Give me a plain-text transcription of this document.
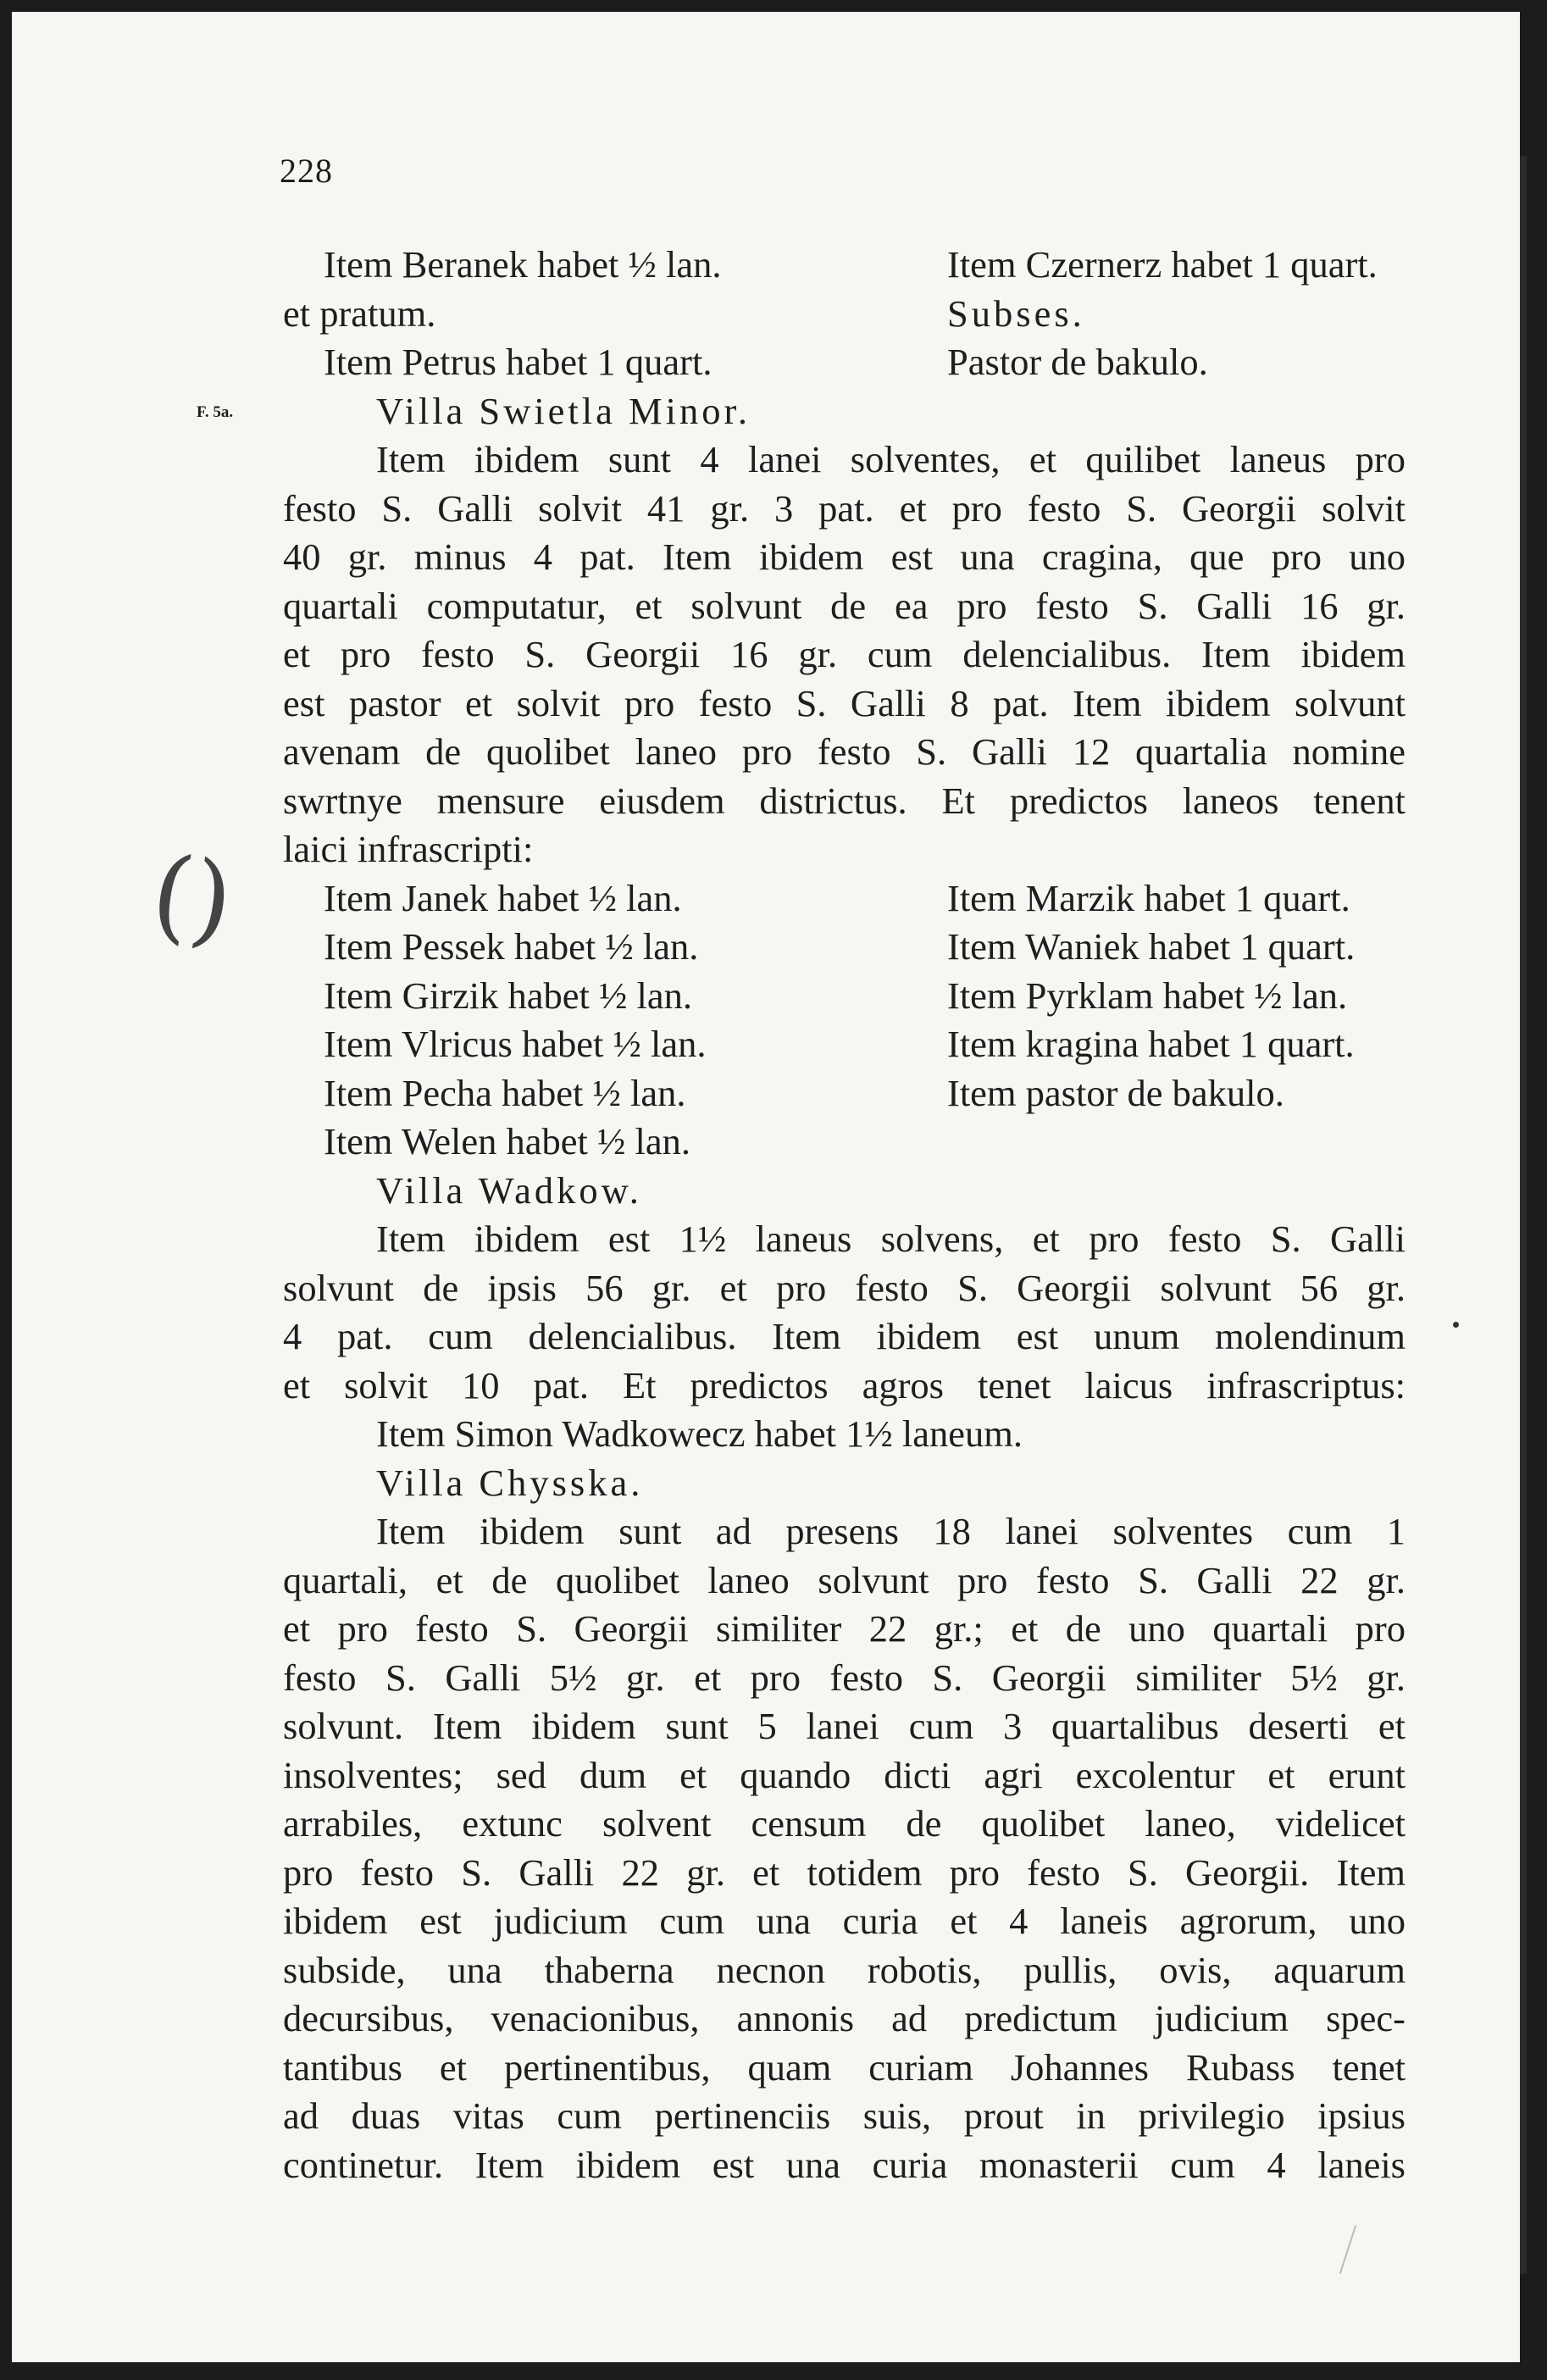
228
F. 5a.
()
Item Beranek habet ½ lan.	Item Czernerz habet 1 quart.
et pratum.	Subses.
Item Petrus habet 1 quart.	Pastor de bakulo.
Villa Swietla Minor.
Item ibidem sunt 4 lanei solventes, et quilibet laneus pro
festo S. Galli solvit 41 gr. 3 pat. et pro festo S. Georgii solvit
40 gr. minus 4 pat. Item ibidem est una cragina, que pro uno
quartali computatur, et solvunt de ea pro festo S. Galli 16 gr.
et pro festo S. Georgii 16 gr. cum delencialibus. Item ibidem
est pastor et solvit pro festo S. Galli 8 pat. Item ibidem solvunt
avenam de quolibet laneo pro festo S. Galli 12 quartalia nomine
swrtnye mensure eiusdem districtus. Et predictos laneos tenent
laici infrascripti:
Item Janek habet ½ lan.	Item Marzik habet 1 quart.
Item Pessek habet ½ lan.	Item Waniek habet 1 quart.
Item Girzik habet ½ lan.	Item Pyrklam habet ½ lan.
Item Vlricus habet ½ lan.	Item kragina habet 1 quart.
Item Pecha habet ½ lan.	Item pastor de bakulo.
Item Welen habet ½ lan.
Villa Wadkow.
Item ibidem est 1½ laneus solvens, et pro festo S. Galli
solvunt de ipsis 56 gr. et pro festo S. Georgii solvunt 56 gr.
4 pat. cum delencialibus. Item ibidem est unum molendinum
et solvit 10 pat. Et predictos agros tenet laicus infrascriptus:
Item Simon Wadkowecz habet 1½ laneum.
Villa Chysska.
Item ibidem sunt ad presens 18 lanei solventes cum 1
quartali, et de quolibet laneo solvunt pro festo S. Galli 22 gr.
et pro festo S. Georgii similiter 22 gr.; et de uno quartali pro
festo S. Galli 5½ gr. et pro festo S. Georgii similiter 5½ gr.
solvunt. Item ibidem sunt 5 lanei cum 3 quartalibus deserti et
insolventes; sed dum et quando dicti agri excolentur et erunt
arrabiles, extunc solvent censum de quolibet laneo, videlicet
pro festo S. Galli 22 gr. et totidem pro festo S. Georgii. Item
ibidem est judicium cum una curia et 4 laneis agrorum, uno
subside, una thaberna necnon robotis, pullis, ovis, aquarum
decursibus, venacionibus, annonis ad predictum judicium spec-
tantibus et pertinentibus, quam curiam Johannes Rubass tenet
ad duas vitas cum pertinenciis suis, prout in privilegio ipsius
continetur. Item ibidem est una curia monasterii cum 4 laneis
